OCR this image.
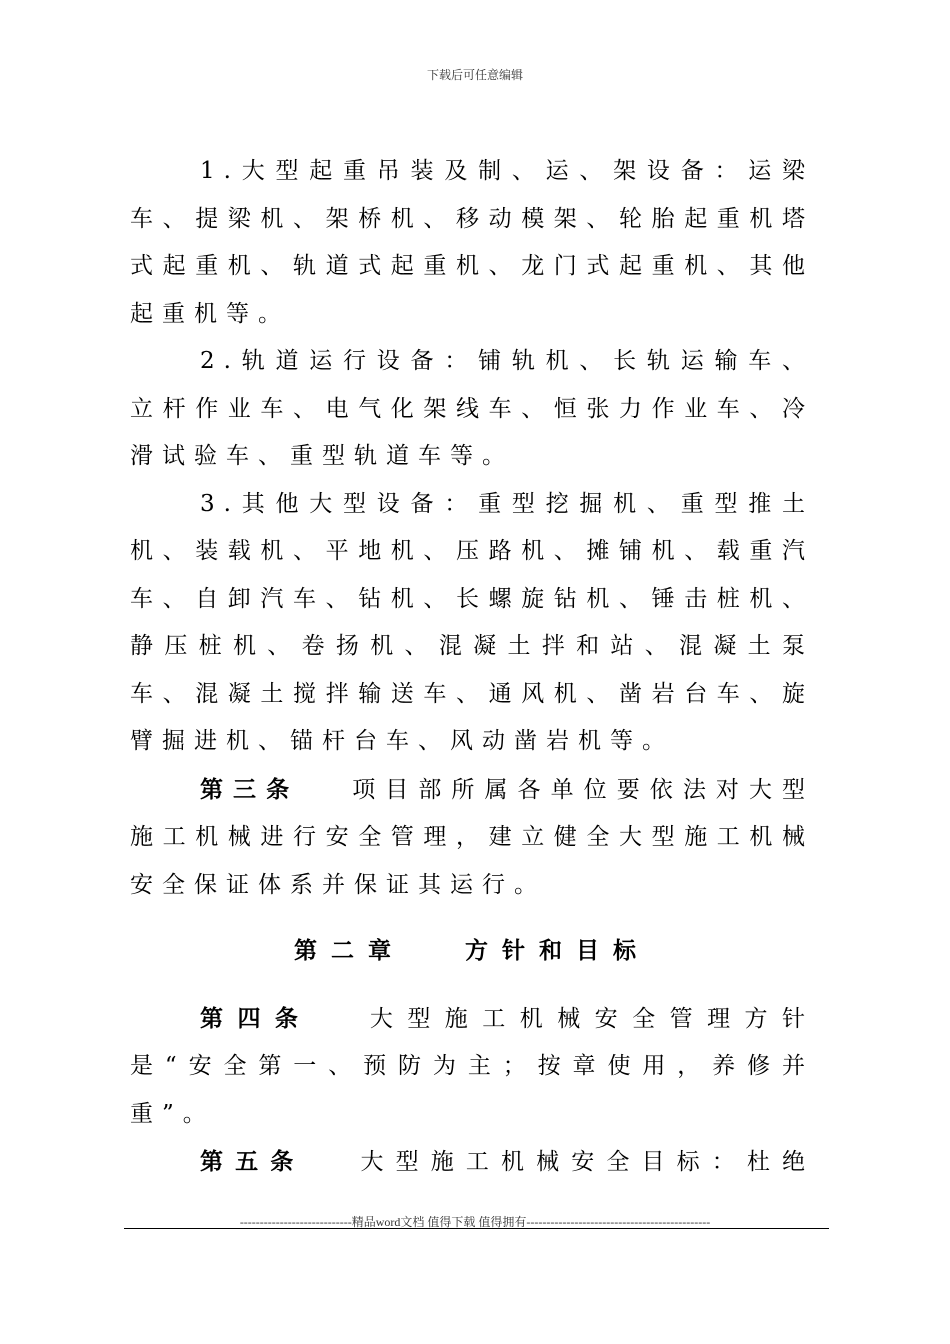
下载后可任意编辑

1.大型起重吊装及制、运、架设备：运梁车、提梁机、架桥机、移动模架、轮胎起重机塔式起重机、轨道式起重机、龙门式起重机、其他起重机等。

2.轨道运行设备：铺轨机、长轨运输车、立杆作业车、电气化架线车、恒张力作业车、冷滑试验车、重型轨道车等。

3.其他大型设备：重型挖掘机、重型推土机、装载机、平地机、压路机、摊铺机、载重汽车、自卸汽车、钻机、长螺旋钻机、锤击桩机、静压桩机、卷扬机、混凝土拌和站、混凝土泵车、混凝土搅拌输送车、通风机、凿岩台车、旋臂掘进机、锚杆台车、风动凿岩机等。

第三条 项目部所属各单位要依法对大型施工机械进行安全管理，建立健全大型施工机械安全保证体系并保证其运行。

第二章	方针和目标

第四条 大型施工机械安全管理方针是“安全第一、预防为主；按章使用，养修并重”。

第五条 大型施工机械安全目标：杜绝

----------------------------精品word文档 值得下载 值得拥有----------------------------------------------
